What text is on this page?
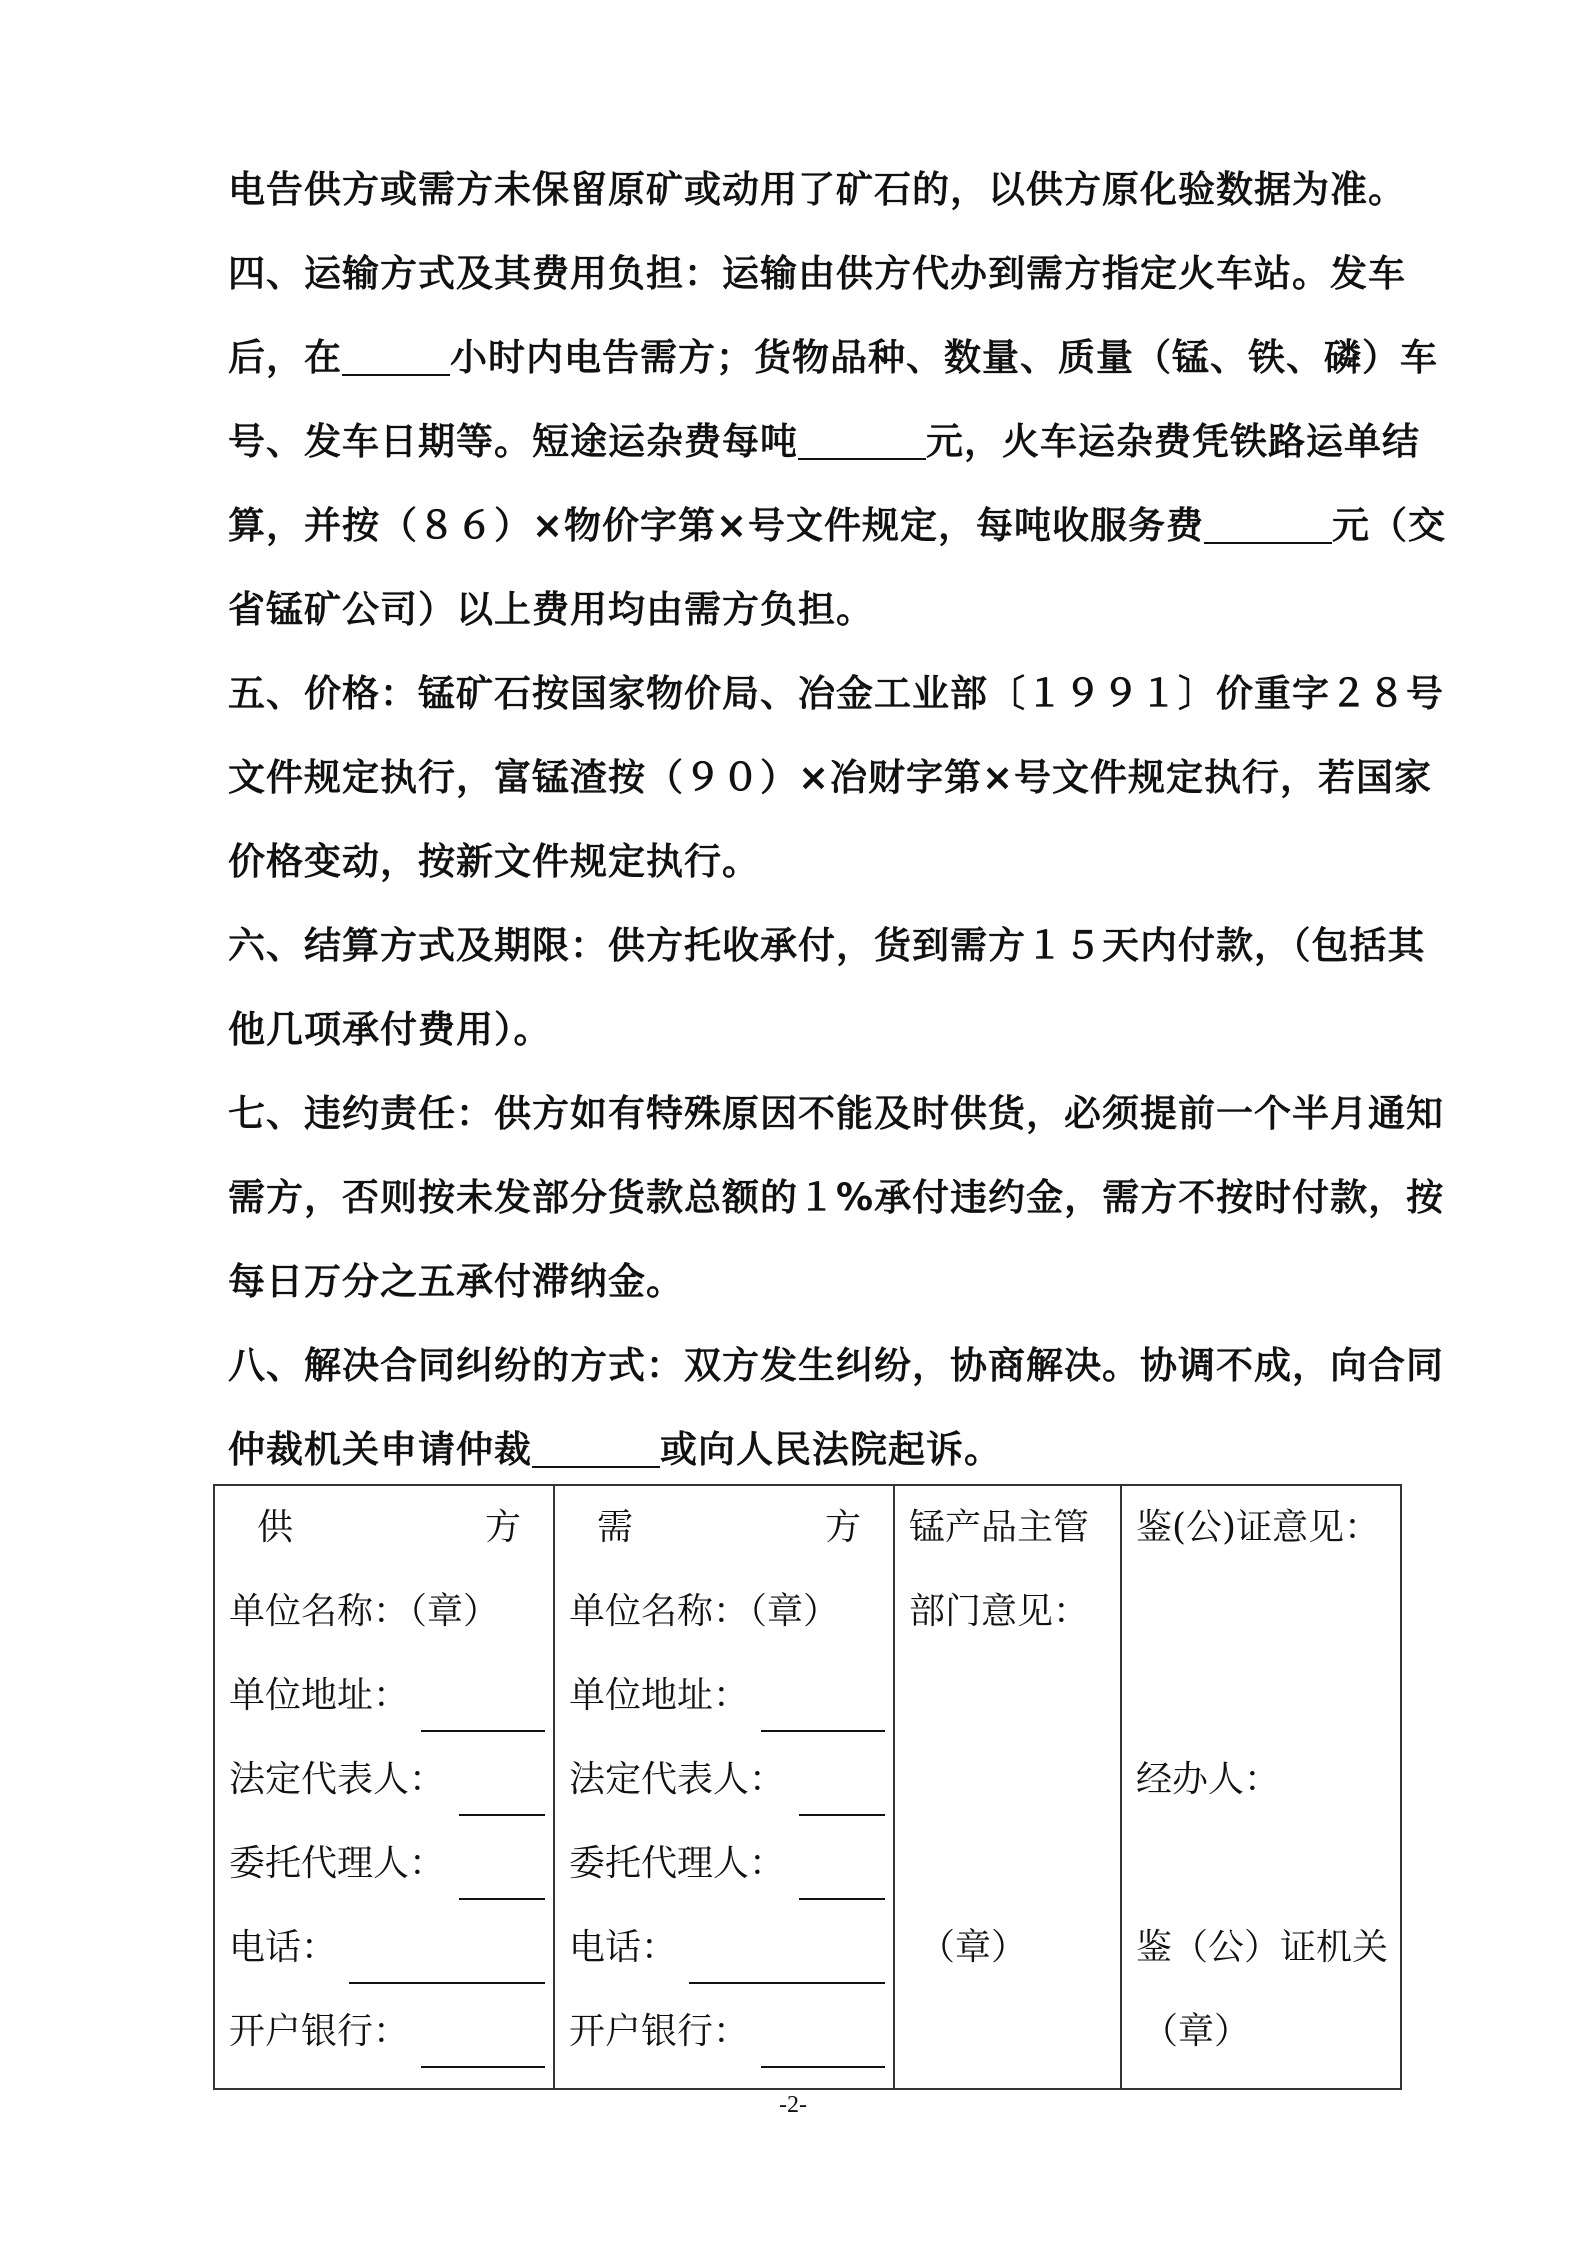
电告供方或需方未保留原矿或动用了矿石的，以供方原化验数据为准。

四、运输方式及其费用负担：运输由供方代办到需方指定火车站。发车后，在	小时内电告需方；货物品种、数量、质量（锰、铁、磷）车号、发车日期等。短途运杂费每吨	元，火车运杂费凭铁路运单结算，并按（８６）×物价字第×号文件规定，每吨收服务费	元（交省锰矿公司）以上费用均由需方负担。

五、价格：锰矿石按国家物价局、冶金工业部〔１９９１〕价重字２８号文件规定执行，富锰渣按（９０）×冶财字第×号文件规定执行，若国家价格变动，按新文件规定执行。

六、结算方式及期限：供方托收承付，货到需方１５天内付款，（包括其他几项承付费用）。

七、违约责任：供方如有特殊原因不能及时供货，必须提前一个半月通知需方，否则按未发部分货款总额的１%承付违约金，需方不按时付款，按每日万分之五承付滞纳金。

八、解决合同纠纷的方式：双方发生纠纷，协商解决。协调不成，向合同仲裁机关申请仲裁	或向人民法院起诉。

供	方
单位名称：（章）
单位地址：
法定代表人：
委托代理人：
电话：
开户银行：

需	方
单位名称：（章）
单位地址：
法定代表人：
委托代理人：
电话：
开户银行：

锰产品主管
部门意见：
（章）

鉴(公)证意见：
经办人：
鉴（公）证机关
（章）
-2-
